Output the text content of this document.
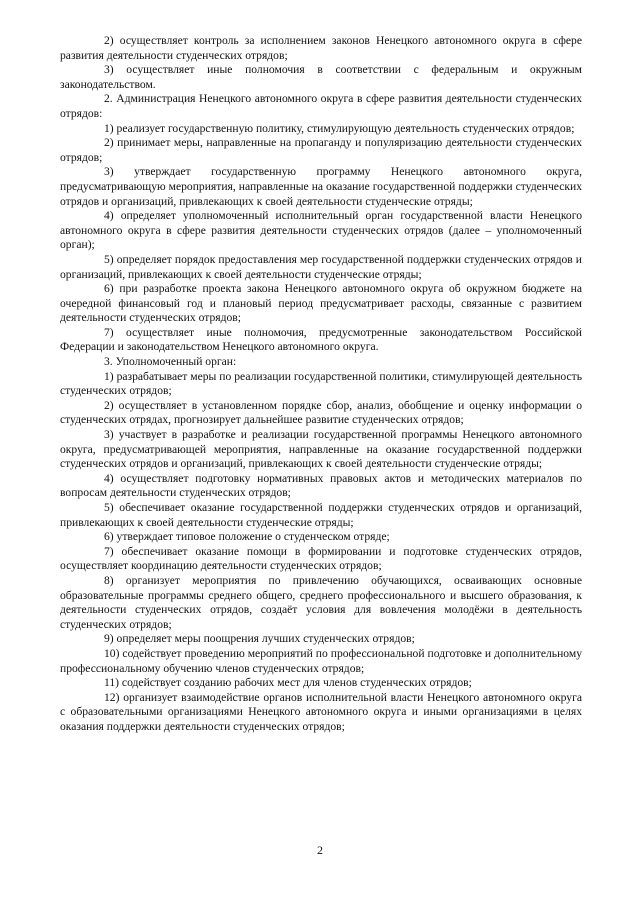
2) осуществляет контроль за исполнением законов Ненецкого автономного округа в сфере развития деятельности студенческих отрядов;

3) осуществляет иные полномочия в соответствии с федеральным и окружным законодательством.

2. Администрация Ненецкого автономного округа в сфере развития деятельности студенческих отрядов:

1) реализует государственную политику, стимулирующую деятельность студенческих отрядов;

2) принимает меры, направленные на пропаганду и популяризацию деятельности студенческих отрядов;

3) утверждает государственную программу Ненецкого автономного округа, предусматривающую мероприятия, направленные на оказание государственной поддержки студенческих отрядов и организаций, привлекающих к своей деятельности студенческие отряды;

4) определяет уполномоченный исполнительный орган государственной власти Ненецкого автономного округа в сфере развития деятельности студенческих отрядов (далее – уполномоченный орган);

5) определяет порядок предоставления мер государственной поддержки студенческих отрядов и организаций, привлекающих к своей деятельности студенческие отряды;

6) при разработке проекта закона Ненецкого автономного округа об окружном бюджете на очередной финансовый год и плановый период предусматривает расходы, связанные с развитием деятельности студенческих отрядов;

7) осуществляет иные полномочия, предусмотренные законодательством Российской Федерации и законодательством Ненецкого автономного округа.

3. Уполномоченный орган:

1) разрабатывает меры по реализации государственной политики, стимулирующей деятельность студенческих отрядов;

2) осуществляет в установленном порядке сбор, анализ, обобщение и оценку информации о студенческих отрядах, прогнозирует дальнейшее развитие студенческих отрядов;

3) участвует в разработке и реализации государственной программы Ненецкого автономного округа, предусматривающей мероприятия, направленные на оказание государственной поддержки студенческих отрядов и организаций, привлекающих к своей деятельности студенческие отряды;

4) осуществляет подготовку нормативных правовых актов и методических материалов по вопросам деятельности студенческих отрядов;

5) обеспечивает оказание государственной поддержки студенческих отрядов и организаций, привлекающих к своей деятельности студенческие отряды;

6) утверждает типовое положение о студенческом отряде;

7) обеспечивает оказание помощи в формировании и подготовке студенческих отрядов, осуществляет координацию деятельности студенческих отрядов;

8) организует мероприятия по привлечению обучающихся, осваивающих основные образовательные программы среднего общего, среднего профессионального и высшего образования, к деятельности студенческих отрядов, создаёт условия для вовлечения молодёжи в деятельность студенческих отрядов;

9) определяет меры поощрения лучших студенческих отрядов;

10) содействует проведению мероприятий по профессиональной подготовке и дополнительному профессиональному обучению членов студенческих отрядов;

11) содействует созданию рабочих мест для членов студенческих отрядов;

12) организует взаимодействие органов исполнительной власти Ненецкого автономного округа с образовательными организациями Ненецкого автономного округа и иными организациями в целях оказания поддержки деятельности студенческих отрядов;

2
